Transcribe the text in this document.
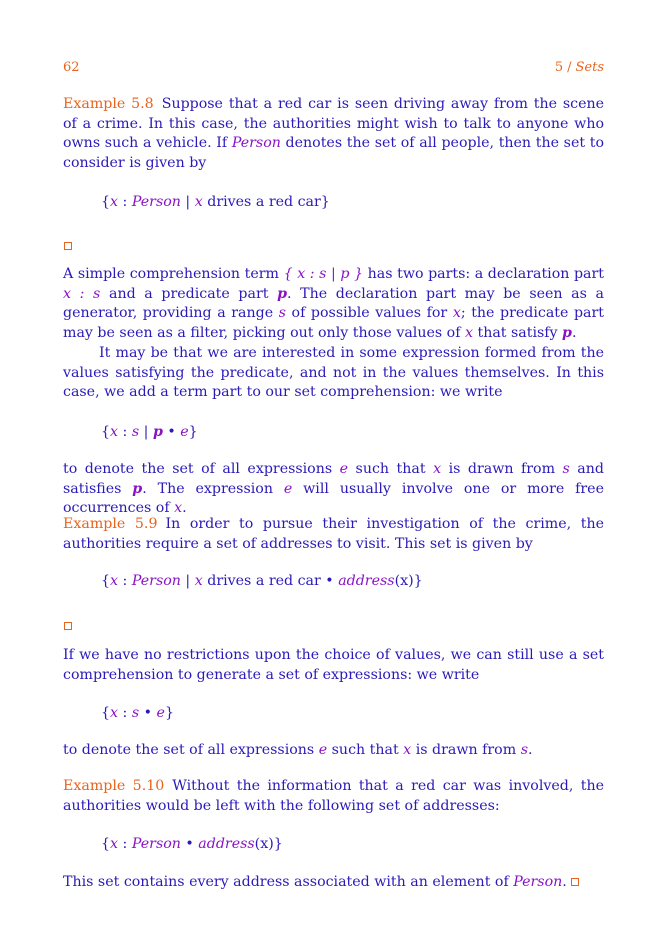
62	5 / Sets
Example 5.8 Suppose that a red car is seen driving away from the scene of a crime. In this case, the authorities might wish to talk to anyone who owns such a vehicle. If Person denotes the set of all people, then the set to consider is given by
{x : Person | x drives a red car}
A simple comprehension term { x : s | p } has two parts: a declaration part x : s and a predicate part p. The declaration part may be seen as a generator, providing a range s of possible values for x; the predicate part may be seen as a filter, picking out only those values of x that satisfy p.
It may be that we are interested in some expression formed from the values satisfying the predicate, and not in the values themselves. In this case, we add a term part to our set comprehension: we write
{x : s | p • e}
to denote the set of all expressions e such that x is drawn from s and satisfies p. The expression e will usually involve one or more free occurrences of x.
Example 5.9 In order to pursue their investigation of the crime, the authorities require a set of addresses to visit. This set is given by
{x : Person | x drives a red car • address(x)}
If we have no restrictions upon the choice of values, we can still use a set comprehension to generate a set of expressions: we write
{x : s • e}
to denote the set of all expressions e such that x is drawn from s.
Example 5.10 Without the information that a red car was involved, the authorities would be left with the following set of addresses:
{x : Person • address(x)}
This set contains every address associated with an element of Person.
